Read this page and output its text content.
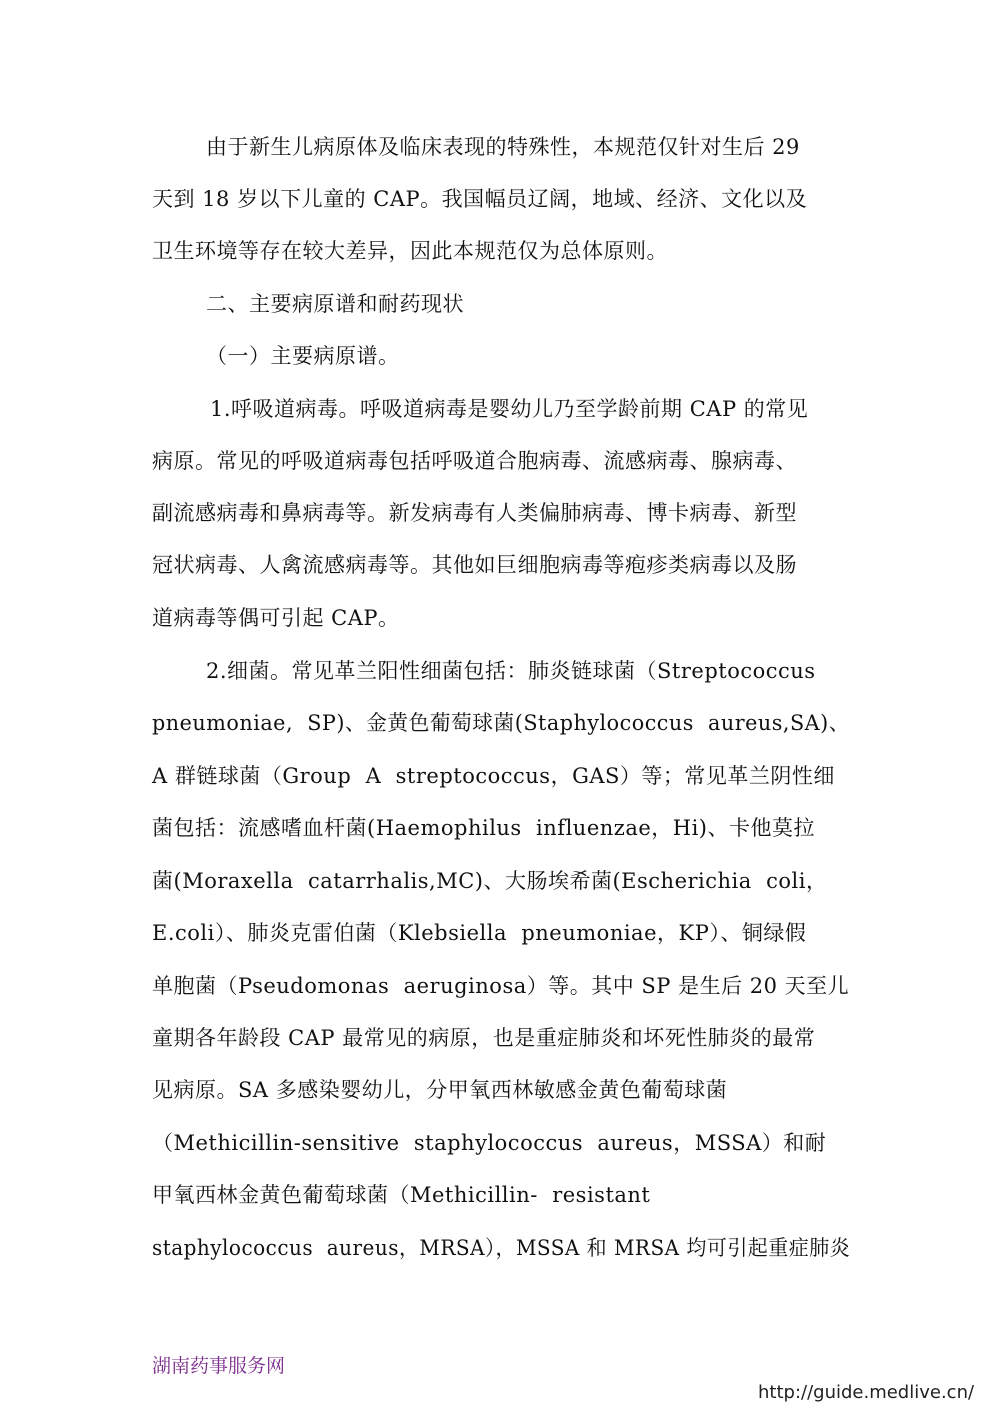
由于新生儿病原体及临床表现的特殊性，本规范仅针对生后 29
天到 18 岁以下儿童的 CAP。我国幅员辽阔，地域、经济、文化以及
卫生环境等存在较大差异，因此本规范仅为总体原则。
二、主要病原谱和耐药现状
（一）主要病原谱。
1.呼吸道病毒。呼吸道病毒是婴幼儿乃至学龄前期 CAP 的常见
病原。常见的呼吸道病毒包括呼吸道合胞病毒、流感病毒、腺病毒、
副流感病毒和鼻病毒等。新发病毒有人类偏肺病毒、博卡病毒、新型
冠状病毒、人禽流感病毒等。其他如巨细胞病毒等疱疹类病毒以及肠
道病毒等偶可引起 CAP。
2.细菌。常见革兰阳性细菌包括：肺炎链球菌（Streptococcus
pneumoniae,  SP)、金黄色葡萄球菌(Staphylococcus  aureus,SA)、
A 群链球菌（Group  A  streptococcus，GAS）等；常见革兰阴性细
菌包括：流感嗜血杆菌(Haemophilus  influenzae，Hi)、卡他莫拉
菌(Moraxella  catarrhalis,MC)、大肠埃希菌(Escherichia  coli，
E.coli）、肺炎克雷伯菌（Klebsiella  pneumoniae，KP）、铜绿假
单胞菌（Pseudomonas  aeruginosa）等。其中 SP 是生后 20 天至儿
童期各年龄段 CAP 最常见的病原，也是重症肺炎和坏死性肺炎的最常
见病原。SA 多感染婴幼儿，分甲氧西林敏感金黄色葡萄球菌
（Methicillin-sensitive  staphylococcus  aureus，MSSA）和耐
甲氧西林金黄色葡萄球菌（Methicillin-  resistant
staphylococcus  aureus，MRSA），MSSA 和 MRSA 均可引起重症肺炎
湖南药事服务网
http://guide.medlive.cn/
